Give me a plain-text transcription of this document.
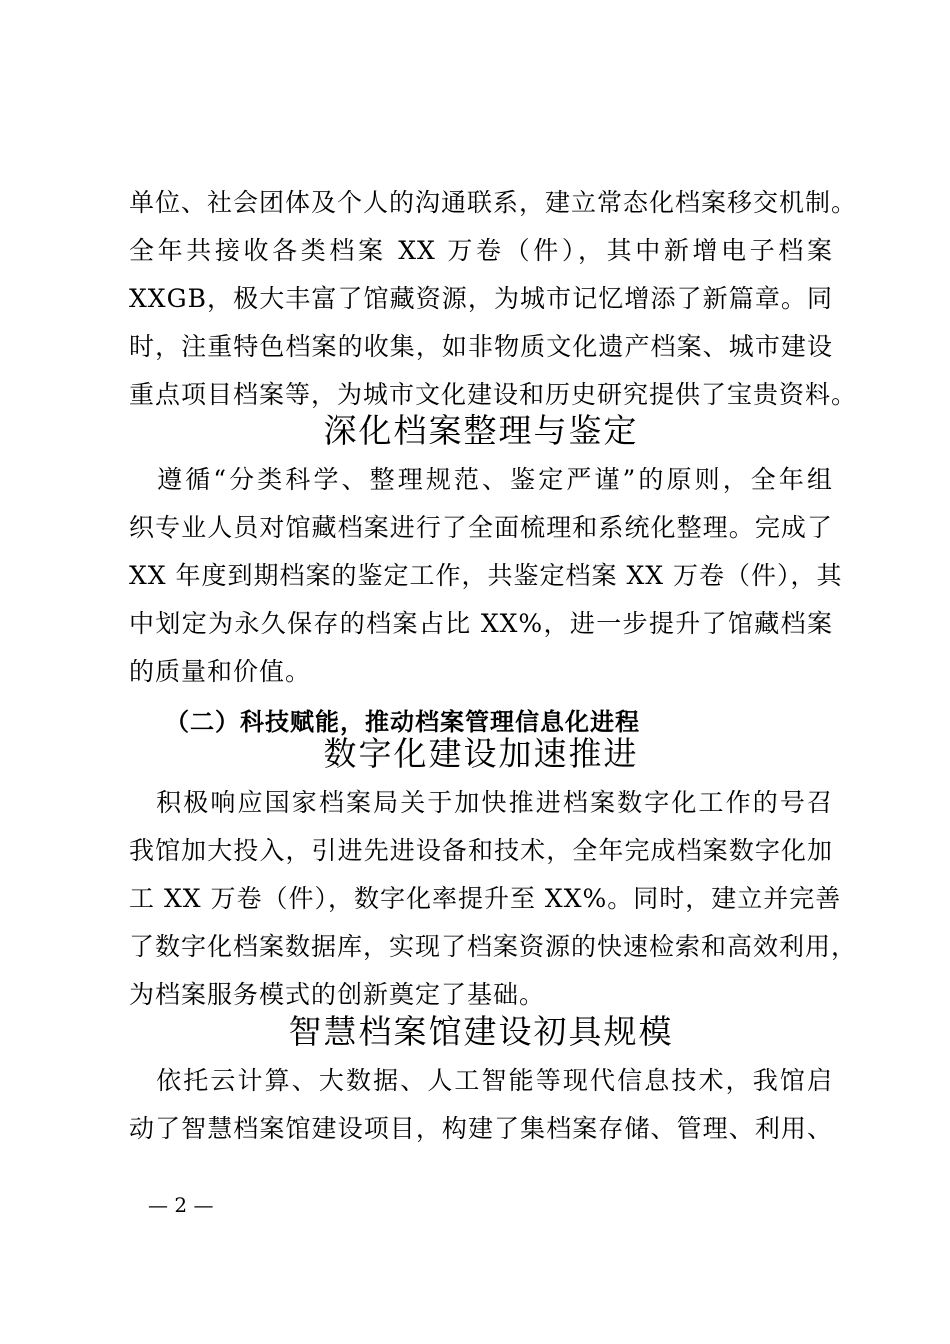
单位、社会团体及个人的沟通联系，建立常态化档案移交机制。
全年共接收各类档案 XX 万卷（件），其中新增电子档案
XXGB，极大丰富了馆藏资源，为城市记忆增添了新篇章。同
时，注重特色档案的收集，如非物质文化遗产档案、城市建设
重点项目档案等，为城市文化建设和历史研究提供了宝贵资料。
深化档案整理与鉴定
　遵循“分类科学、整理规范、鉴定严谨”的原则，全年组
织专业人员对馆藏档案进行了全面梳理和系统化整理。完成了
XX 年度到期档案的鉴定工作，共鉴定档案 XX 万卷（件），其
中划定为永久保存的档案占比 XX%，进一步提升了馆藏档案
的质量和价值。
（二）科技赋能，推动档案管理信息化进程
数字化建设加速推进
　积极响应国家档案局关于加快推进档案数字化工作的号召
我馆加大投入，引进先进设备和技术，全年完成档案数字化加
工 XX 万卷（件），数字化率提升至 XX%。同时，建立并完善
了数字化档案数据库，实现了档案资源的快速检索和高效利用，
为档案服务模式的创新奠定了基础。
智慧档案馆建设初具规模
　依托云计算、大数据、人工智能等现代信息技术，我馆启
动了智慧档案馆建设项目，构建了集档案存储、管理、利用、
— 2 —
